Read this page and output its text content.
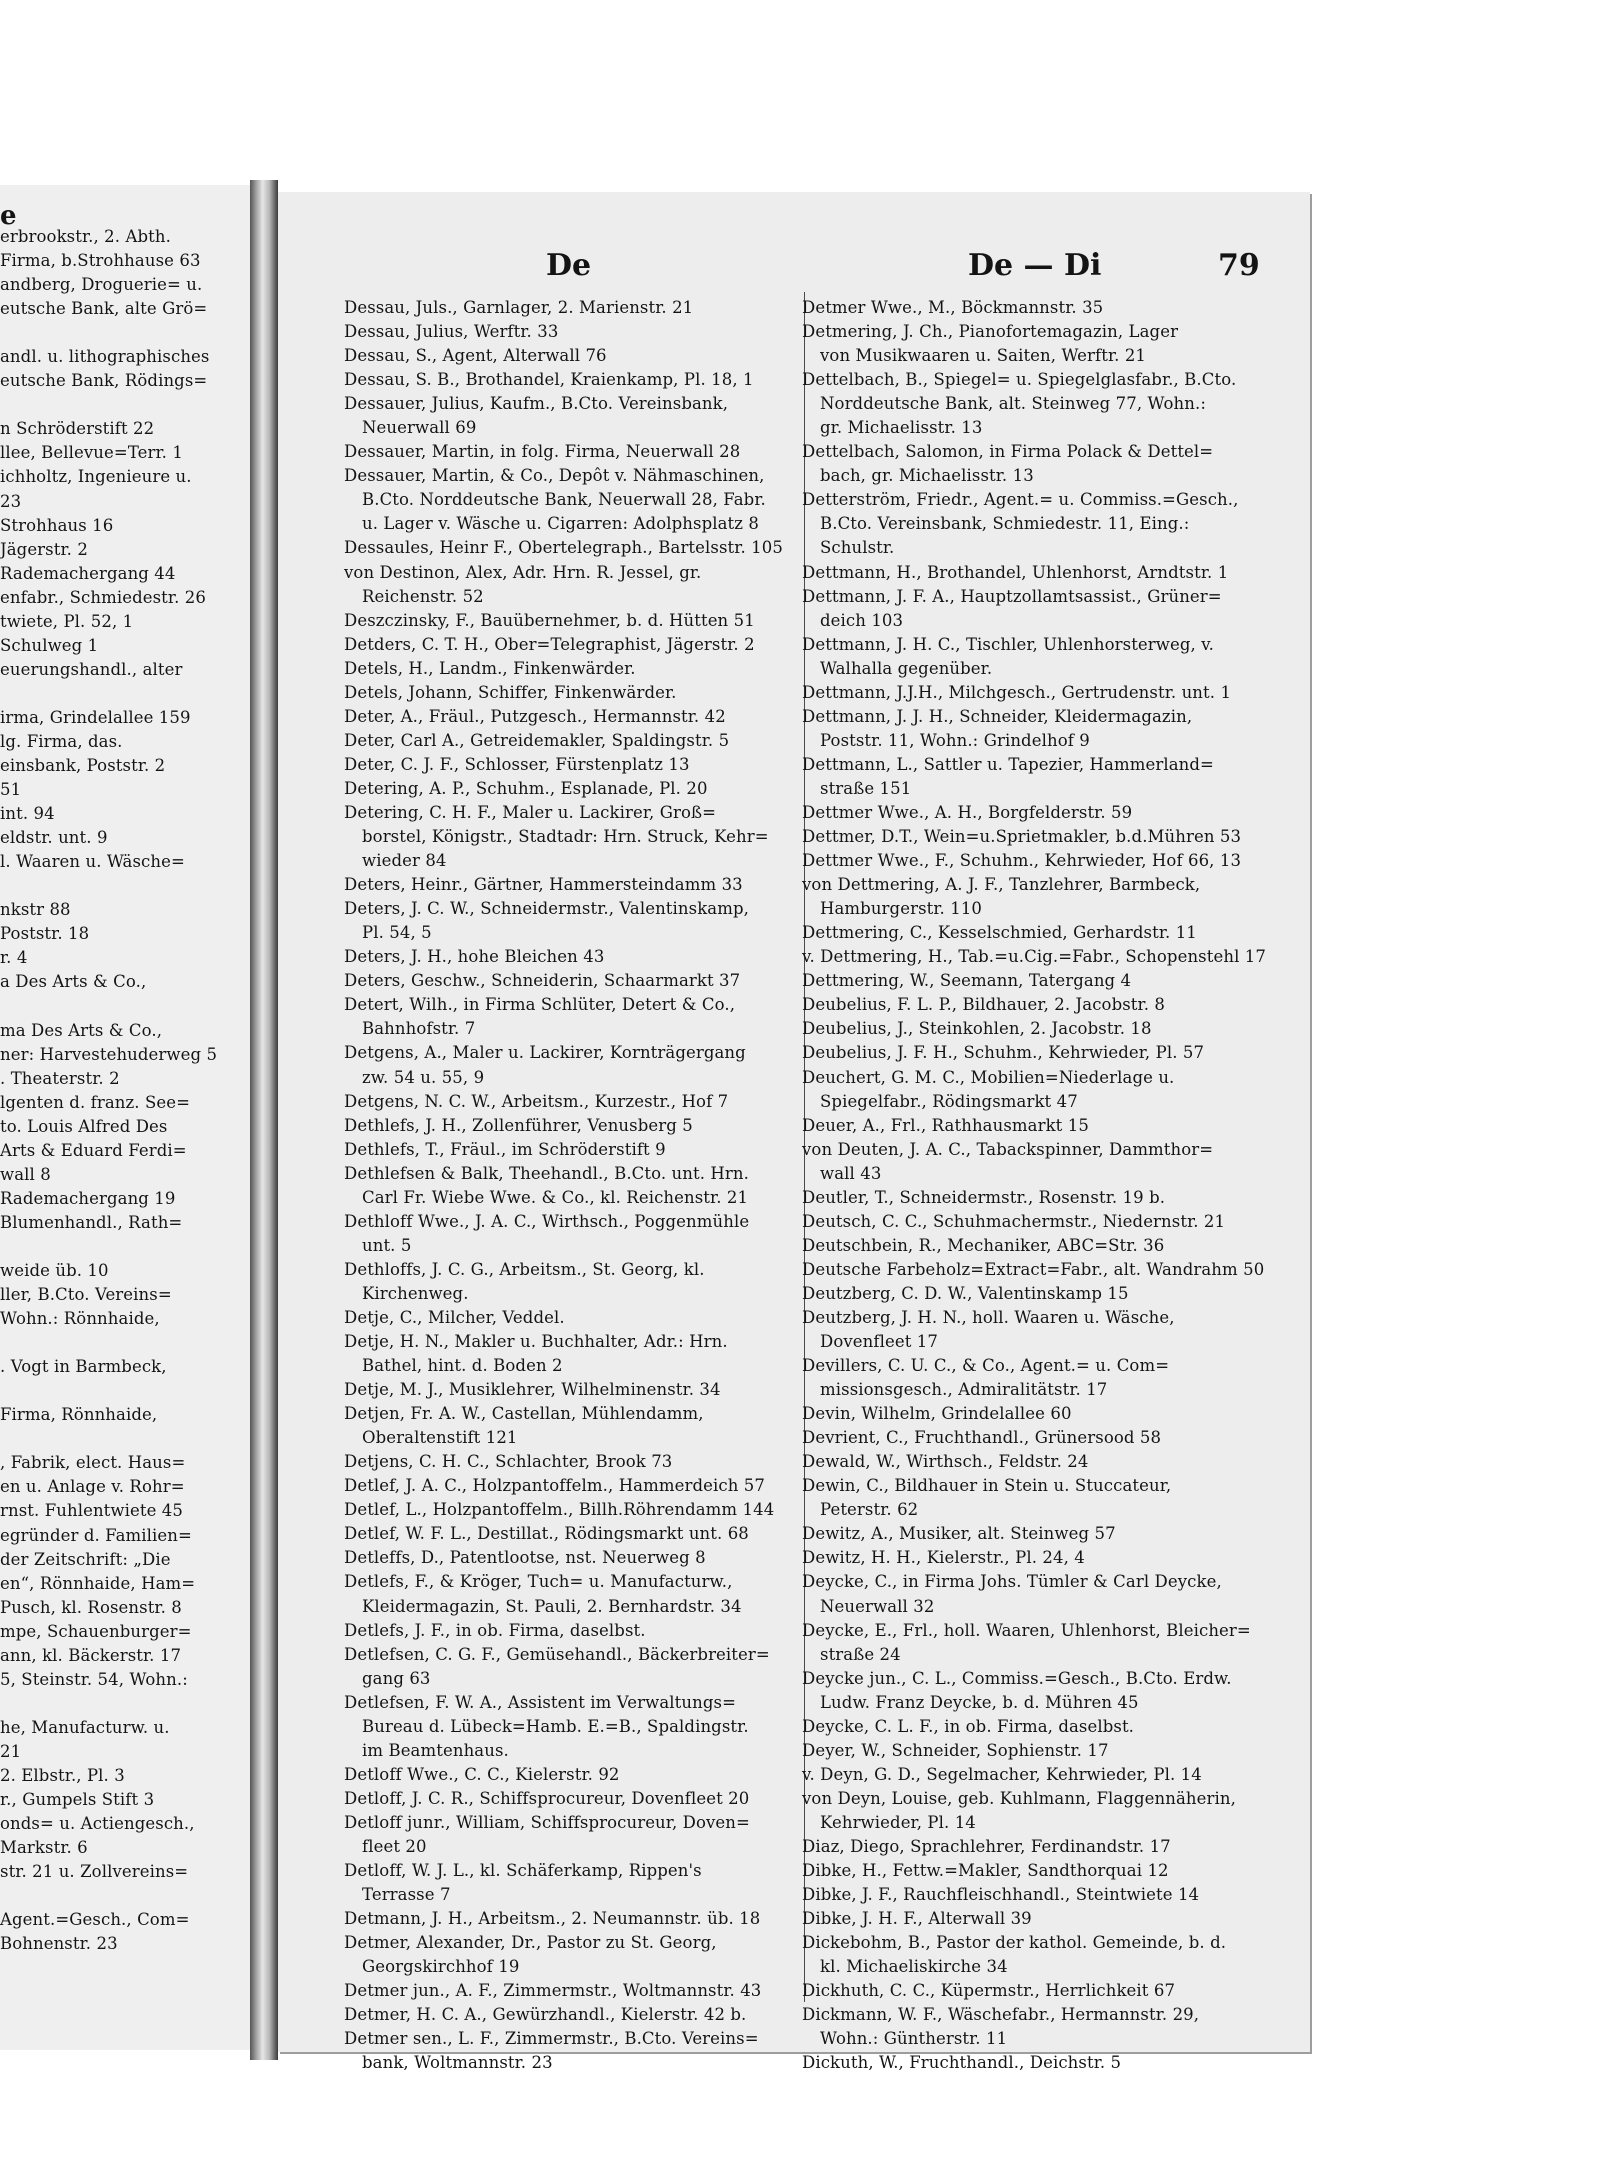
e
erbrookstr., 2. Abth.
Firma, b.Strohhause 63
andberg, Droguerie= u.
eutsche Bank, alte Grö=
andl. u. lithographisches
eutsche Bank, Rödings=
n Schröderstift 22
llee, Bellevue=Terr. 1
ichholtz, Ingenieure u.
23
Strohhaus 16
Jägerstr. 2
Rademachergang 44
enfabr., Schmiedestr. 26
twiete, Pl. 52, 1
Schulweg 1
euerungshandl., alter
irma, Grindelallee 159
lg. Firma, das.
einsbank, Poststr. 2
51
int. 94
eldstr. unt. 9
l. Waaren u. Wäsche=
nkstr 88
Poststr. 18
r. 4
a Des Arts & Co.,
ma Des Arts & Co.,
ner: Harvestehuderweg 5
. Theaterstr. 2
lgenten d. franz. See=
to. Louis Alfred Des
Arts & Eduard Ferdi=
wall 8
Rademachergang 19
Blumenhandl., Rath=
weide üb. 10
ller, B.Cto. Vereins=
Wohn.: Rönnhaide,
. Vogt in Barmbeck,
Firma, Rönnhaide,
, Fabrik, elect. Haus=
en u. Anlage v. Rohr=
rnst. Fuhlentwiete 45
egründer d. Familien=
der Zeitschrift: „Die
en“, Rönnhaide, Ham=
Pusch, kl. Rosenstr. 8
mpe, Schauenburger=
ann, kl. Bäckerstr. 17
5, Steinstr. 54, Wohn.:
he, Manufacturw. u.
21
2. Elbstr., Pl. 3
r., Gumpels Stift 3
onds= u. Actiengesch.,
Markstr. 6
str. 21 u. Zollvereins=
Agent.=Gesch., Com=
Bohnenstr. 23
De	De — Di	79
Dessau, Juls., Garnlager, 2. Marienstr. 21
Dessau, Julius, Werftr. 33
Dessau, S., Agent, Alterwall 76
Dessau, S. B., Brothandel, Kraienkamp, Pl. 18, 1
Dessauer, Julius, Kaufm., B.Cto. Vereinsbank,
Neuerwall 69
Dessauer, Martin, in folg. Firma, Neuerwall 28
Dessauer, Martin, & Co., Depôt v. Nähmaschinen,
B.Cto. Norddeutsche Bank, Neuerwall 28, Fabr.
u. Lager v. Wäsche u. Cigarren: Adolphsplatz 8
Dessaules, Heinr F., Obertelegraph., Bartelsstr. 105
von Destinon, Alex, Adr. Hrn. R. Jessel, gr.
Reichenstr. 52
Deszczinsky, F., Bauübernehmer, b. d. Hütten 51
Detders, C. T. H., Ober=Telegraphist, Jägerstr. 2
Detels, H., Landm., Finkenwärder.
Detels, Johann, Schiffer, Finkenwärder.
Deter, A., Fräul., Putzgesch., Hermannstr. 42
Deter, Carl A., Getreidemakler, Spaldingstr. 5
Deter, C. J. F., Schlosser, Fürstenplatz 13
Detering, A. P., Schuhm., Esplanade, Pl. 20
Detering, C. H. F., Maler u. Lackirer, Groß=
borstel, Königstr., Stadtadr: Hrn. Struck, Kehr=
wieder 84
Deters, Heinr., Gärtner, Hammersteindamm 33
Deters, J. C. W., Schneidermstr., Valentinskamp,
Pl. 54, 5
Deters, J. H., hohe Bleichen 43
Deters, Geschw., Schneiderin, Schaarmarkt 37
Detert, Wilh., in Firma Schlüter, Detert & Co.,
Bahnhofstr. 7
Detgens, A., Maler u. Lackirer, Kornträgergang
zw. 54 u. 55, 9
Detgens, N. C. W., Arbeitsm., Kurzestr., Hof 7
Dethlefs, J. H., Zollenführer, Venusberg 5
Dethlefs, T., Fräul., im Schröderstift 9
Dethlefsen & Balk, Theehandl., B.Cto. unt. Hrn.
Carl Fr. Wiebe Wwe. & Co., kl. Reichenstr. 21
Dethloff Wwe., J. A. C., Wirthsch., Poggenmühle
unt. 5
Dethloffs, J. C. G., Arbeitsm., St. Georg, kl.
Kirchenweg.
Detje, C., Milcher, Veddel.
Detje, H. N., Makler u. Buchhalter, Adr.: Hrn.
Bathel, hint. d. Boden 2
Detje, M. J., Musiklehrer, Wilhelminenstr. 34
Detjen, Fr. A. W., Castellan, Mühlendamm,
Oberaltenstift 121
Detjens, C. H. C., Schlachter, Brook 73
Detlef, J. A. C., Holzpantoffelm., Hammerdeich 57
Detlef, L., Holzpantoffelm., Billh.Röhrendamm 144
Detlef, W. F. L., Destillat., Rödingsmarkt unt. 68
Detleffs, D., Patentlootse, nst. Neuerweg 8
Detlefs, F., & Kröger, Tuch= u. Manufacturw.,
Kleidermagazin, St. Pauli, 2. Bernhardstr. 34
Detlefs, J. F., in ob. Firma, daselbst.
Detlefsen, C. G. F., Gemüsehandl., Bäckerbreiter=
gang 63
Detlefsen, F. W. A., Assistent im Verwaltungs=
Bureau d. Lübeck=Hamb. E.=B., Spaldingstr.
im Beamtenhaus.
Detloff Wwe., C. C., Kielerstr. 92
Detloff, J. C. R., Schiffsprocureur, Dovenfleet 20
Detloff junr., William, Schiffsprocureur, Doven=
fleet 20
Detloff, W. J. L., kl. Schäferkamp, Rippen's
Terrasse 7
Detmann, J. H., Arbeitsm., 2. Neumannstr. üb. 18
Detmer, Alexander, Dr., Pastor zu St. Georg,
Georgskirchhof 19
Detmer jun., A. F., Zimmermstr., Woltmannstr. 43
Detmer, H. C. A., Gewürzhandl., Kielerstr. 42 b.
Detmer sen., L. F., Zimmermstr., B.Cto. Vereins=
bank, Woltmannstr. 23
Detmer Wwe., M., Böckmannstr. 35
Detmering, J. Ch., Pianofortemagazin, Lager
von Musikwaaren u. Saiten, Werftr. 21
Dettelbach, B., Spiegel= u. Spiegelglasfabr., B.Cto.
Norddeutsche Bank, alt. Steinweg 77, Wohn.:
gr. Michaelisstr. 13
Dettelbach, Salomon, in Firma Polack & Dettel=
bach, gr. Michaelisstr. 13
Detterström, Friedr., Agent.= u. Commiss.=Gesch.,
B.Cto. Vereinsbank, Schmiedestr. 11, Eing.:
Schulstr.
Dettmann, H., Brothandel, Uhlenhorst, Arndtstr. 1
Dettmann, J. F. A., Hauptzollamtsassist., Grüner=
deich 103
Dettmann, J. H. C., Tischler, Uhlenhorsterweg, v.
Walhalla gegenüber.
Dettmann, J.J.H., Milchgesch., Gertrudenstr. unt. 1
Dettmann, J. J. H., Schneider, Kleidermagazin,
Poststr. 11, Wohn.: Grindelhof 9
Dettmann, L., Sattler u. Tapezier, Hammerland=
straße 151
Dettmer Wwe., A. H., Borgfelderstr. 59
Dettmer, D.T., Wein=u.Sprietmakler, b.d.Mühren 53
Dettmer Wwe., F., Schuhm., Kehrwieder, Hof 66, 13
von Dettmering, A. J. F., Tanzlehrer, Barmbeck,
Hamburgerstr. 110
Dettmering, C., Kesselschmied, Gerhardstr. 11
v. Dettmering, H., Tab.=u.Cig.=Fabr., Schopenstehl 17
Dettmering, W., Seemann, Tatergang 4
Deubelius, F. L. P., Bildhauer, 2. Jacobstr. 8
Deubelius, J., Steinkohlen, 2. Jacobstr. 18
Deubelius, J. F. H., Schuhm., Kehrwieder, Pl. 57
Deuchert, G. M. C., Mobilien=Niederlage u.
Spiegelfabr., Rödingsmarkt 47
Deuer, A., Frl., Rathhausmarkt 15
von Deuten, J. A. C., Tabackspinner, Dammthor=
wall 43
Deutler, T., Schneidermstr., Rosenstr. 19 b.
Deutsch, C. C., Schuhmachermstr., Niedernstr. 21
Deutschbein, R., Mechaniker, ABC=Str. 36
Deutsche Farbeholz=Extract=Fabr., alt. Wandrahm 50
Deutzberg, C. D. W., Valentinskamp 15
Deutzberg, J. H. N., holl. Waaren u. Wäsche,
Dovenfleet 17
Devillers, C. U. C., & Co., Agent.= u. Com=
missionsgesch., Admiralitätstr. 17
Devin, Wilhelm, Grindelallee 60
Devrient, C., Fruchthandl., Grünersood 58
Dewald, W., Wirthsch., Feldstr. 24
Dewin, C., Bildhauer in Stein u. Stuccateur,
Peterstr. 62
Dewitz, A., Musiker, alt. Steinweg 57
Dewitz, H. H., Kielerstr., Pl. 24, 4
Deycke, C., in Firma Johs. Tümler & Carl Deycke,
Neuerwall 32
Deycke, E., Frl., holl. Waaren, Uhlenhorst, Bleicher=
straße 24
Deycke jun., C. L., Commiss.=Gesch., B.Cto. Erdw.
Ludw. Franz Deycke, b. d. Mühren 45
Deycke, C. L. F., in ob. Firma, daselbst.
Deyer, W., Schneider, Sophienstr. 17
v. Deyn, G. D., Segelmacher, Kehrwieder, Pl. 14
von Deyn, Louise, geb. Kuhlmann, Flaggennäherin,
Kehrwieder, Pl. 14
Diaz, Diego, Sprachlehrer, Ferdinandstr. 17
Dibke, H., Fettw.=Makler, Sandthorquai 12
Dibke, J. F., Rauchfleischhandl., Steintwiete 14
Dibke, J. H. F., Alterwall 39
Dickebohm, B., Pastor der kathol. Gemeinde, b. d.
kl. Michaeliskirche 34
Dickhuth, C. C., Küpermstr., Herrlichkeit 67
Dickmann, W. F., Wäschefabr., Hermannstr. 29,
Wohn.: Güntherstr. 11
Dickuth, W., Fruchthandl., Deichstr. 5
